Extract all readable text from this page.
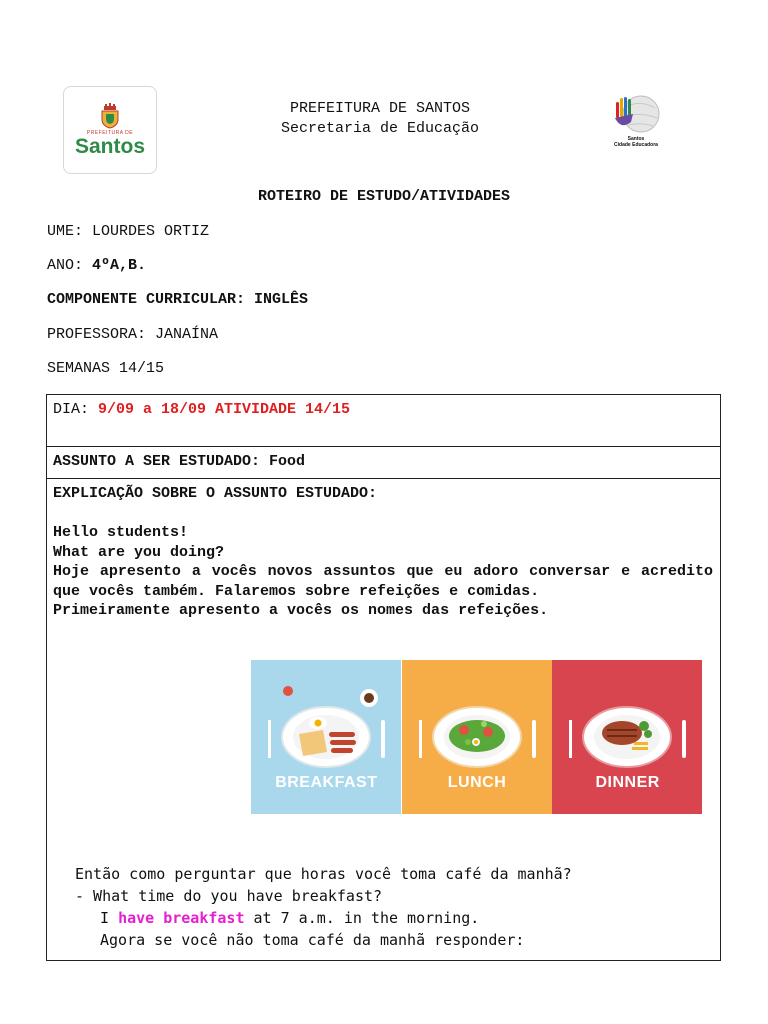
PREFEITURA DE
Santos
PREFEITURA DE SANTOS
Secretaria de Educação
Santos
Cidade Educadora
ROTEIRO DE ESTUDO/ATIVIDADES
UME: LOURDES ORTIZ
ANO: 4ºA,B.
COMPONENTE CURRICULAR: INGLÊS
PROFESSORA: JANAÍNA
SEMANAS 14/15
DIA: 9/09 a 18/09 ATIVIDADE 14/15
ASSUNTO A SER ESTUDADO: Food
EXPLICAÇÃO SOBRE O ASSUNTO ESTUDADO:
Hello students!
What are you doing?
Hoje apresento a vocês novos assuntos que eu adoro conversar e acredito que vocês também. Falaremos sobre refeições e comidas.
Primeiramente apresento a vocês os nomes das refeições.
BREAKFAST	LUNCH	DINNER
Então como perguntar que horas você toma café da manhã?
- What time do you have breakfast?
I have breakfast at 7 a.m. in the morning.
Agora se você não toma café da manhã responder:
